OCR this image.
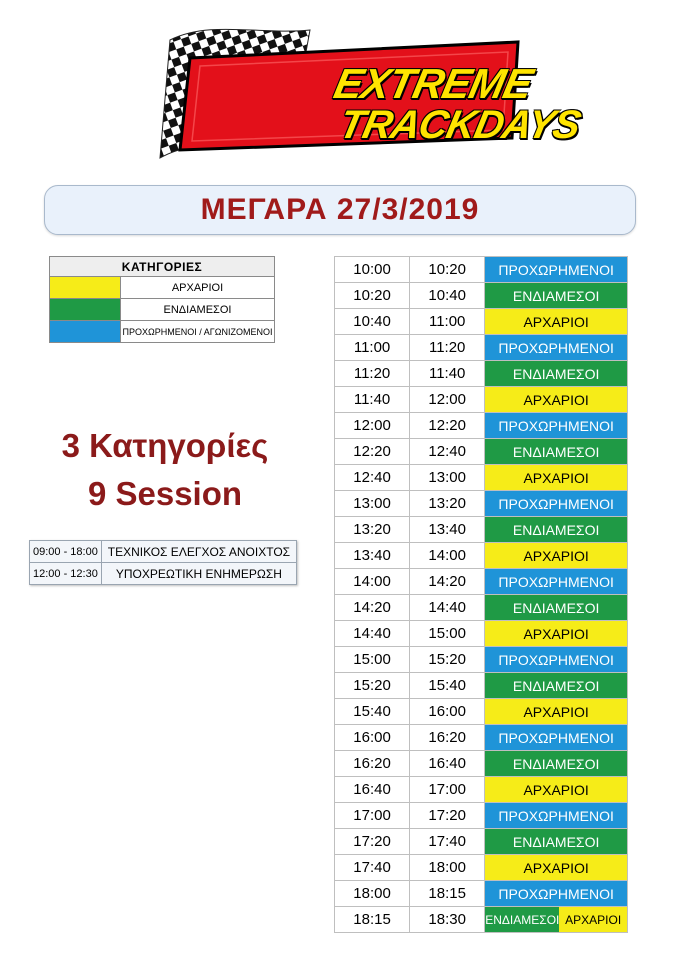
EXTREME
TRACKDAYS
ΜΕΓΑΡΑ 27/3/2019
ΚΑΤΗΓΟΡΙΕΣ	
	ΑΡΧΑΡΙΟΙ
	ΕΝΔΙΑΜΕΣΟΙ
	ΠΡΟΧΩΡΗΜΕΝΟΙ / ΑΓΩΝΙΖΟΜΕΝΟΙ
3 Κατηγορίες
9 Session
09:00 - 18:00	ΤΕΧΝΙΚΟΣ ΕΛΕΓΧΟΣ ΑΝΟΙΧΤΟΣ
12:00 - 12:30	ΥΠΟΧΡΕΩΤΙΚΗ ΕΝΗΜΕΡΩΣΗ
10:00	10:20	ΠΡΟΧΩΡΗΜΕΝΟΙ
10:20	10:40	ΕΝΔΙΑΜΕΣΟΙ
10:40	11:00	ΑΡΧΑΡΙΟΙ
11:00	11:20	ΠΡΟΧΩΡΗΜΕΝΟΙ
11:20	11:40	ΕΝΔΙΑΜΕΣΟΙ
11:40	12:00	ΑΡΧΑΡΙΟΙ
12:00	12:20	ΠΡΟΧΩΡΗΜΕΝΟΙ
12:20	12:40	ΕΝΔΙΑΜΕΣΟΙ
12:40	13:00	ΑΡΧΑΡΙΟΙ
13:00	13:20	ΠΡΟΧΩΡΗΜΕΝΟΙ
13:20	13:40	ΕΝΔΙΑΜΕΣΟΙ
13:40	14:00	ΑΡΧΑΡΙΟΙ
14:00	14:20	ΠΡΟΧΩΡΗΜΕΝΟΙ
14:20	14:40	ΕΝΔΙΑΜΕΣΟΙ
14:40	15:00	ΑΡΧΑΡΙΟΙ
15:00	15:20	ΠΡΟΧΩΡΗΜΕΝΟΙ
15:20	15:40	ΕΝΔΙΑΜΕΣΟΙ
15:40	16:00	ΑΡΧΑΡΙΟΙ
16:00	16:20	ΠΡΟΧΩΡΗΜΕΝΟΙ
16:20	16:40	ΕΝΔΙΑΜΕΣΟΙ
16:40	17:00	ΑΡΧΑΡΙΟΙ
17:00	17:20	ΠΡΟΧΩΡΗΜΕΝΟΙ
17:20	17:40	ΕΝΔΙΑΜΕΣΟΙ
17:40	18:00	ΑΡΧΑΡΙΟΙ
18:00	18:15	ΠΡΟΧΩΡΗΜΕΝΟΙ
18:15	18:30	ΕΝΔΙΑΜΕΣΟΙ ΑΡΧΑΡΙΟΙ
